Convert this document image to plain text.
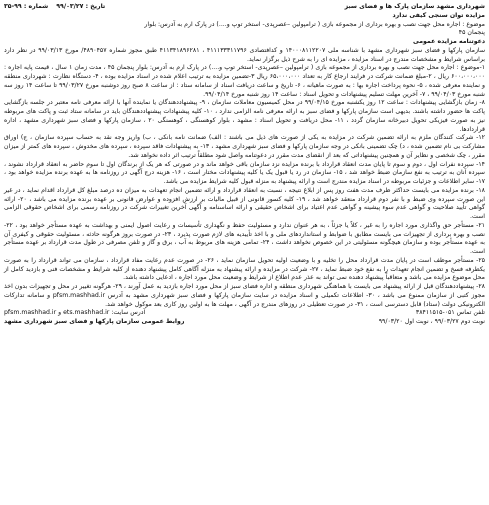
شهرداری مشهد سازمان پارک ها و فضای سبز
تاریخ : ۹۹/۰۳/۲۷
شماره : ۹۹-۳۵

مزایده توان سنجی کیفی ندارد

موضوع : اجاره محل جهت نصب و بهره برداری از مجموعه بازی ( ترامپولین –عصرپدی- استخر توپ و....) در پارک ارم به آدرس: بلوار

پنجمان ۴۵

دعوتنامه مزایده عمومی

سازمان پارکها و فضای سبز شهرداری مشهد با شناسه ملی ۱۴۰۰۰۸۱۱۲۲۰۷ و کدافتصادی ۴۱۱۱۳۳۳۱۱۷۹۶ ، ۴۱۱۳۴۱۸۹۶۲۸۱ طبق مجوز شماره ۴۸۹۰۴۵۷/ مورخ ۹۹/۰۳/۱۳ در نظر دارد براساس شرایط و مشخصات مندرج در اسناد مزایده ، مزایده ای را به شرح ذیل برگزار نماید.

۱-موضوع : اجاره محل جهت نصب و بهره برداری از مجموعه بازی ( ترامپولین –عصرپدی- استخر توپ و....) در پارک ارم به آدرس: بلوار پنجمان ۴۵ ، مدت زمان ۱ سال ، قیمت پایه اجاره : ۶۰۰،۰۰۰،۰۰۰ ریال ، ۲-مبلغ ضمانت شرکت در فرایند ارجاع کار به تعداد ۶۵،۰۰۰،۰۰۰ ریال ۳-تضمین مزایده به ترتیب اعلام شده در اسناد مزایده بوده ، ۴- دستگاه نظارت : شهرداری منطقه و نماینده معرفی شده ، ۵- نحوه پرداخت اجاره بها : به صورت ماهیانه ، ۶- تاریخ و ساعت دریافت اسناد از سامانه ستاد : از ساعت ۸ صبح روز دوشنبه مورخ ۹۹/۰۳/۲۷ تا ساعت ۱۴ روز سه شنبه مورخ ۹۹/۰۴/۰۳ ، ۷- آخرین مهلت تسلیم پیشنهادات و تحویل اسناد : ساعت ۱۴ روز شنبه مورخ ۹۹/۰۴/۱۴.

۸- زمان بازگشایی پیشنهادات : ساعت ۱۲ روز یکشنبه مورخ ۹۹/۰۴/۱۵ در محل کمیسیون معاملات سازمان ، ۹- پیشنهاددهندگان یا نماینده آنها با ارائه معرفی نامه معتبر در جلسه بازگشایی پاکت ها حضور داشته باشند. بدیهی است سازمان پارکها و فضای سبز به ارائه معرفی نامه الزامی ندارد ، ۱۰- کلیه پیشنهادات پیشنهاددهندگان باید در سامانه ستاد ثبت و پاکت های مربوطه نیز به صورت فیزیکی تحویل دبیرخانه سازمان گردد ، ۱۱- محل دریافت و تحویل اسناد : مشهد ، بلوار کوهسنگی ، کوهسنگی ۲۰ ، سازمان پارکها و فضای سبز شهرداری مشهد ، اداره قراردادها.

۱۲- شرکت کنندگان ملزم به ارائه تضمین شرکت در مزایده به یکی از صورت های ذیل می باشند : الف) ضمانت نامه بانکی ، ب) واریز وجه نقد به حساب سپرده سازمان ، ج) اوراق مشارکت بی نام تضمین شده ، د) چک تضمینی بانکی در وجه سازمان پارکها و فضای سبز شهرداری مشهد ، ۱۳- به پیشنهادات فاقد سپرده ، سپرده های مخدوش ، سپرده های کمتر از میزان مقرر ، چک شخصی و نظایر آن و همچنین پیشنهاداتی که بعد از انقضای مدت مقرر در دعوتنامه واصل شود مطلقاً ترتیب اثر داده نخواهد شد.

۱۴- سپرده نفرات اول ، دوم و سوم تا پایان مدت انعقاد قرارداد با برنده مزایده نزد سازمان باقی خواهد ماند و در صورتی که هر یک از برندگان اول تا سوم حاضر به انعقاد قرارداد نشوند ، سپرده آنان به ترتیب به نفع سازمان ضبط خواهد شد ، ۱۵- سازمان در رد یا قبول یک یا کلیه پیشنهادات مختار است ، ۱۶- هزینه درج آگهی در روزنامه ها به عهده برنده مزایده خواهد بود ، ۱۷- سایر اطلاعات و جزئیات مربوطه در اسناد مزایده مندرج است و ارائه پیشنهاد به منزله قبول کلیه شرایط مزایده می باشد.

۱۸- برنده مزایده می بایست حداکثر ظرف مدت هفت روز پس از ابلاغ نتیجه ، نسبت به انعقاد قرارداد و ارائه تضمین انجام تعهدات به میزان ده درصد مبلغ کل قرارداد اقدام نماید ، در غیر این صورت سپرده وی ضبط و با نفر دوم قرارداد منعقد خواهد شد ، ۱۹- کلیه کسور قانونی از قبیل مالیات بر ارزش افزوده و عوارض قانونی بر عهده برنده مزایده می باشد ، ۲۰- ارائه گواهی تأیید صلاحیت و گواهی عدم سوء پیشینه و گواهی عدم اعتیاد برای اشخاص حقیقی و ارائه اساسنامه و آگهی آخرین تغییرات شرکت در روزنامه رسمی برای اشخاص حقوقی الزامی است.

۲۱- مستأجر حق واگذاری مورد اجاره را به غیر ، کلاً یا جزئاً ، به هر عنوان ندارد و مسئولیت حفظ و نگهداری تأسیسات و رعایت اصول ایمنی و بهداشت به عهده مستأجر خواهد بود ، ۲۲- نصب و بهره برداری از تجهیزات می بایست مطابق با ضوابط و استانداردهای ملی و با اخذ تأییدیه های لازم صورت پذیرد ، ۲۳- در صورت بروز هرگونه حادثه ، مسئولیت حقوقی و کیفری آن به عهده مستأجر بوده و سازمان هیچگونه مسئولیتی در این خصوص نخواهد داشت ، ۲۴- تمامی هزینه های مربوط به آب ، برق و گاز و تلفن مصرفی در طول مدت قرارداد بر عهده مستأجر است.

۲۵- مستأجر موظف است در پایان مدت قرارداد محل را تخلیه و با وضعیت اولیه تحویل سازمان نماید ، ۲۶- در صورت عدم رعایت مفاد قرارداد ، سازمان می تواند قرارداد را به صورت یکطرفه فسخ و تضمین انجام تعهدات را به نفع خود ضبط نماید ، ۲۷- شرکت در مزایده و ارائه پیشنهاد به منزله آگاهی کامل پیشنهاد دهنده از کلیه شرایط و مشخصات فنی و بازدید کامل از محل موضوع مزایده می باشد و متعاقباً پیشنهاد دهنده نمی تواند به عذر عدم اطلاع از شرایط و وضعیت محل مورد اجاره ، ادعایی داشته باشد.

۲۸- پیشنهاددهندگان قبل از ارائه پیشنهاد می بایست با هماهنگی شهرداری منطقه و اداره فضای سبز از محل مورد اجاره بازدید به عمل آورند ، ۲۹- هرگونه تغییر در محل و تجهیزات بدون اخذ مجوز کتبی از سازمان ممنوع می باشد ، ۳۰- اطلاعات تکمیلی و اسناد مزایده در سایت سازمان پارکها و فضای سبز شهرداری مشهد به آدرس pfsm.mashhad.ir و سامانه تدارکات الکترونیکی دولت (ستاد) قابل دسترسی است ، ۳۱- در صورت تعطیلی در روزهای مندرج در آگهی ، مهلت ها به اولین روز کاری بعد موکول خواهد شد.

تلفن تماس ۰۵۱-۳۸۴۱۱۵۱۵
آدرس سایت: ets.mashhad.ir و pfsm.mashhad.ir
نوبت دوم ۹۹/۰۳/۲۷ ، نوبت اول ۹۹/۰۳/۲۰
روابط عمومی سازمان پارکها و فضای سبز شهرداری مشهد
